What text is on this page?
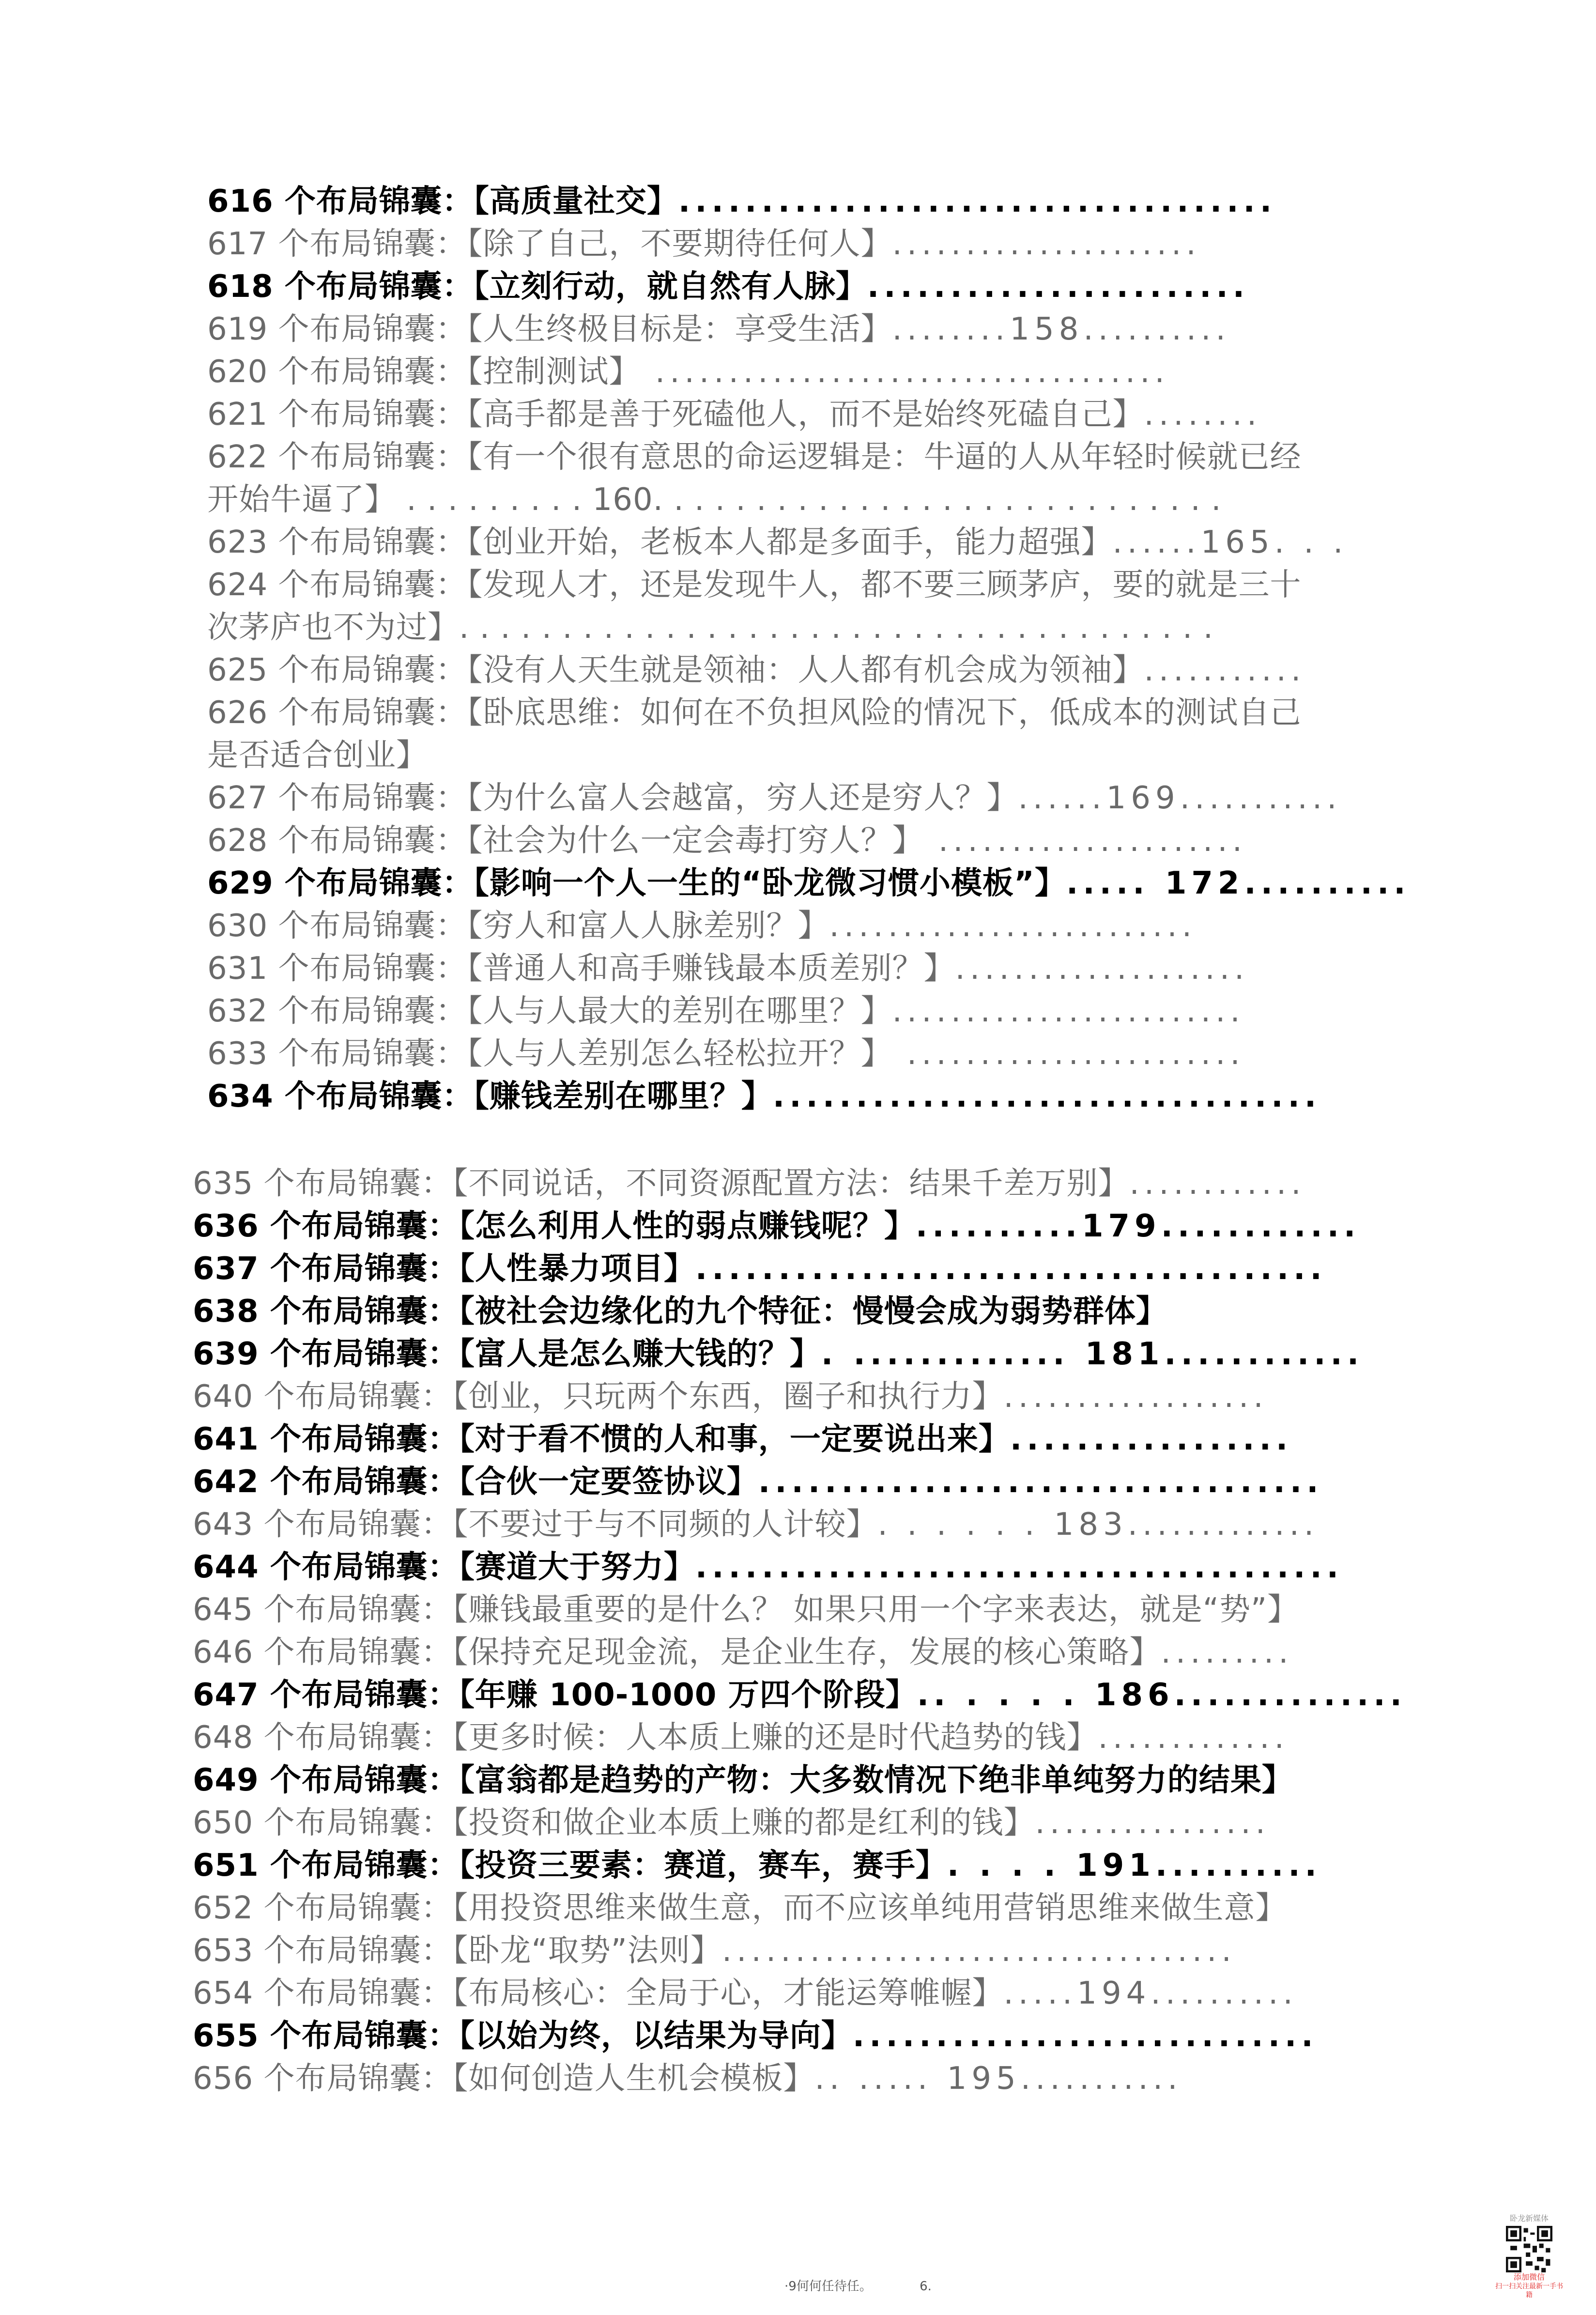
616 个布局锦囊：【高质量社交】....................................
617 个布局锦囊：【除了自己，不要期待任何人】.....................
618 个布局锦囊：【立刻行动，就自然有人脉】.......................
619 个布局锦囊：【人生终极目标是：享受生活】........158..........
620 个布局锦囊：【控制测试】 ...................................
621 个布局锦囊：【高手都是善于死磕他人，而不是始终死磕自己】........
622 个布局锦囊：【有一个很有意思的命运逻辑是：牛逼的人从年轻时候就已经
开始牛逼了】 . . . . . . . . . 160. . . . . . . . . . . . . . . . . . . . . . . . . . . .
623 个布局锦囊：【创业开始，老板本人都是多面手，能力超强】......165. . .
624 个布局锦囊：【发现人才，还是发现牛人，都不要三顾茅庐，要的就是三十
次茅庐也不为过】. . . . . . . . . . . . . . . . . . . . . . . . . . . . . . . . . . . . .
625 个布局锦囊：【没有人天生就是领袖：人人都有机会成为领袖】...........
626 个布局锦囊：【卧底思维：如何在不负担风险的情况下，低成本的测试自己
是否适合创业】
627 个布局锦囊：【为什么富人会越富，穷人还是穷人？】......169...........
628 个布局锦囊：【社会为什么一定会毒打穷人？】 .....................
629 个布局锦囊：【影响一个人一生的“卧龙微习惯小模板”】..... 172..........
630 个布局锦囊：【穷人和富人人脉差别？】.........................
631 个布局锦囊：【普通人和高手赚钱最本质差别？】....................
632 个布局锦囊：【人与人最大的差别在哪里？】........................
633 个布局锦囊：【人与人差别怎么轻松拉开？】 .......................
634 个布局锦囊：【赚钱差别在哪里？】.................................
635 个布局锦囊：【不同说话，不同资源配置方法：结果千差万别】............
636 个布局锦囊：【怎么利用人性的弱点赚钱呢？】..........179............
637 个布局锦囊：【人性暴力项目】......................................
638 个布局锦囊：【被社会边缘化的九个特征：慢慢会成为弱势群体】
639 个布局锦囊：【富人是怎么赚大钱的？】. ............. 181............
640 个布局锦囊：【创业，只玩两个东西，圈子和执行力】..................
641 个布局锦囊：【对于看不惯的人和事，一定要说出来】.................
642 个布局锦囊：【合伙一定要签协议】..................................
643 个布局锦囊：【不要过于与不同频的人计较】. . . . . . 183.............
644 个布局锦囊：【赛道大于努力】.......................................
645 个布局锦囊：【赚钱最重要的是什么？ 如果只用一个字来表达，就是“势”】
646 个布局锦囊：【保持充足现金流，是企业生存，发展的核心策略】.........
647 个布局锦囊：【年赚 100-1000 万四个阶段】.. . . . . 186..............
648 个布局锦囊：【更多时候：人本质上赚的还是时代趋势的钱】.............
649 个布局锦囊：【富翁都是趋势的产物：大多数情况下绝非单纯努力的结果】
650 个布局锦囊：【投资和做企业本质上赚的都是红利的钱】................
651 个布局锦囊：【投资三要素：赛道，赛车，赛手】. . . . 191..........
652 个布局锦囊：【用投资思维来做生意，而不应该单纯用营销思维来做生意】
653 个布局锦囊：【卧龙“取势”法则】...................................
654 个布局锦囊：【布局核心：全局于心，才能运筹帷幄】.....194..........
655 个布局锦囊：【以始为终，以结果为导向】............................
656 个布局锦囊：【如何创造人生机会模板】.. ..... 195...........
·9何何任待任。	6.
卧龙新媒体
添加微信
扫一扫关注最新一手书籍
